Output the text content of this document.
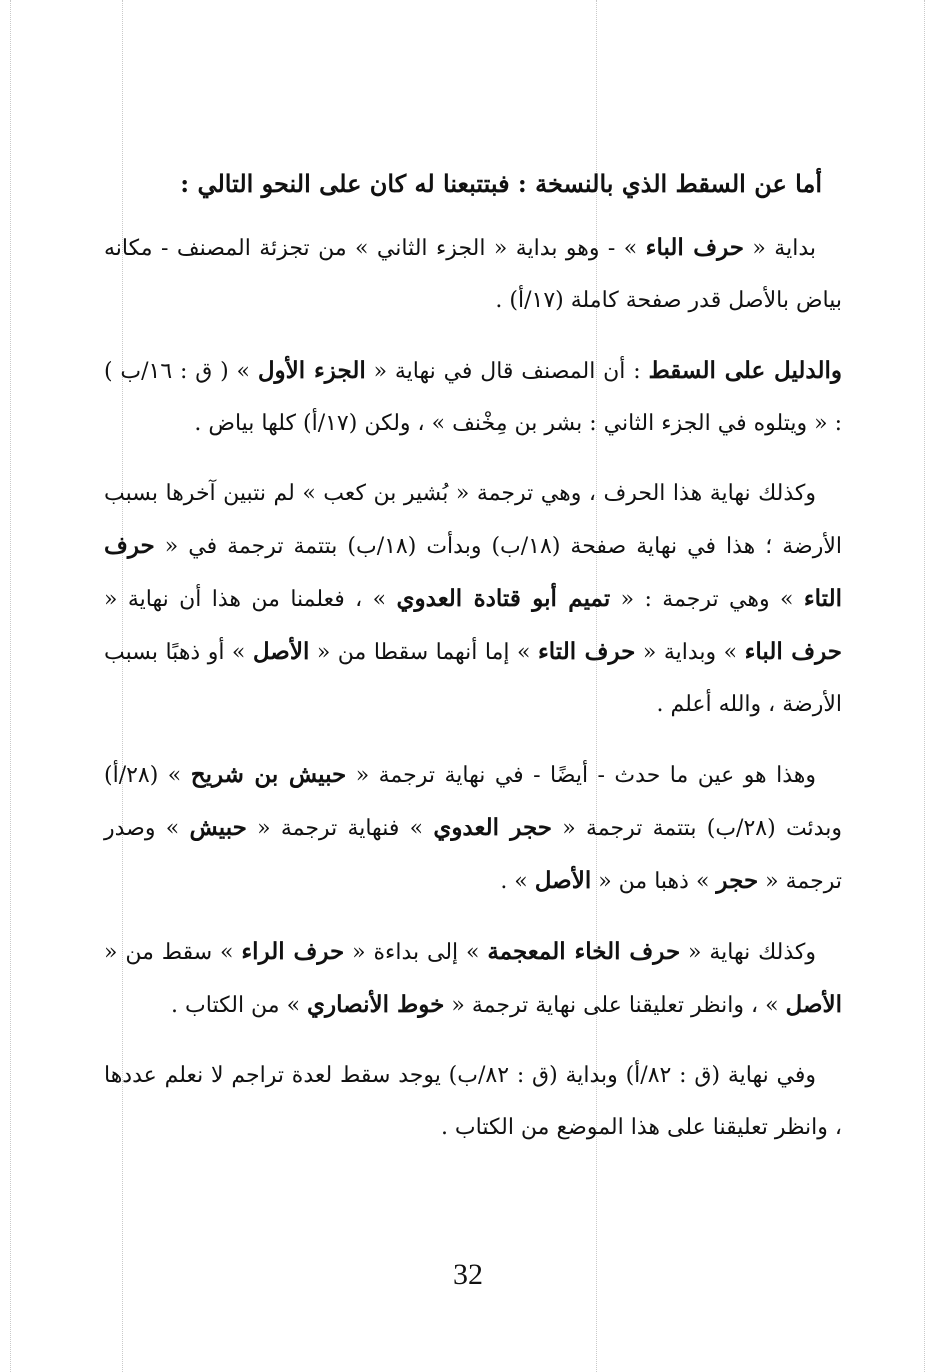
أما عن السقط الذي بالنسخة : فبتتبعنا له كان على النحو التالي :

بداية « حرف الباء » - وهو بداية « الجزء الثاني » من تجزئة المصنف - مكانه بياض بالأصل قدر صفحة كاملة (١٧/أ) .

والدليل على السقط : أن المصنف قال في نهاية « الجزء الأول » ( ق : ١٦/ب ) : « ويتلوه في الجزء الثاني : بشر بن مِخْنف » ، ولكن (١٧/أ) كلها بياض .

وكذلك نهاية هذا الحرف ، وهي ترجمة « بُشير بن كعب » لم نتبين آخرها بسبب الأرضة ؛ هذا في نهاية صفحة (١٨/ب) وبدأت (١٨/ب) بتتمة ترجمة في « حرف التاء » وهي ترجمة : « تميم أبو قتادة العدوي » ، فعلمنا من هذا أن نهاية « حرف الباء » وبداية « حرف التاء » إما أنهما سقطا من « الأصل » أو ذهبًا بسبب الأرضة ، والله أعلم .

وهذا هو عين ما حدث - أيضًا - في نهاية ترجمة « حبيش بن شريح » (٢٨/أ) وبدئت (٢٨/ب) بتتمة ترجمة « حجر العدوي » فنهاية ترجمة « حبيش » وصدر ترجمة « حجر » ذهبا من « الأصل » .

وكذلك نهاية « حرف الخاء المعجمة » إلى بداءة « حرف الراء » سقط من « الأصل » ، وانظر تعليقنا على نهاية ترجمة « خوط الأنصاري » من الكتاب .

وفي نهاية (ق : ٨٢/أ) وبداية (ق : ٨٢/ب) يوجد سقط لعدة تراجم لا نعلم عددها ، وانظر تعليقنا على هذا الموضع من الكتاب .

32
